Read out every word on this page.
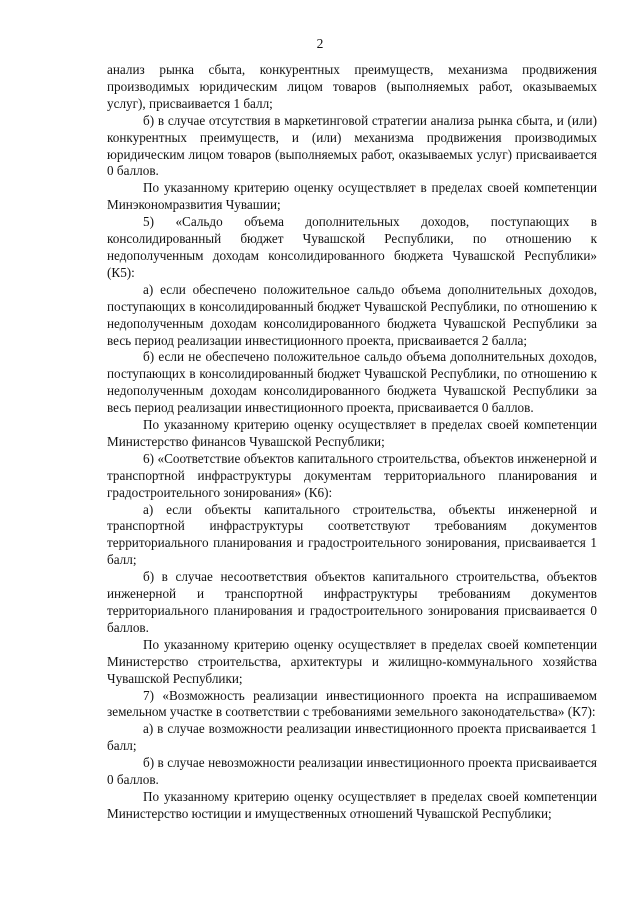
2

анализ рынка сбыта, конкурентных преимуществ, механизма продвижения производимых юридическим лицом товаров (выполняемых работ, оказываемых услуг), присваивается 1 балл;

б) в случае отсутствия в маркетинговой стратегии анализа рынка сбыта, и (или) конкурентных преимуществ, и (или) механизма продвижения производимых юридическим лицом товаров (выполняемых работ, оказываемых услуг) присваивается 0 баллов.

По указанному критерию оценку осуществляет в пределах своей компетенции Минэкономразвития Чувашии;

5) «Сальдо объема дополнительных доходов, поступающих в консолидированный бюджет Чувашской Республики, по отношению к недополученным доходам консолидированного бюджета Чувашской Республики» (К5):

а) если обеспечено положительное сальдо объема дополнительных доходов, поступающих в консолидированный бюджет Чувашской Республики, по отношению к недополученным доходам консолидированного бюджета Чувашской Республики за весь период реализации инвестиционного проекта, присваивается 2 балла;

б) если не обеспечено положительное сальдо объема дополнительных доходов, поступающих в консолидированный бюджет Чувашской Республики, по отношению к недополученным доходам консолидированного бюджета Чувашской Республики за весь период реализации инвестиционного проекта, присваивается 0 баллов.

По указанному критерию оценку осуществляет в пределах своей компетенции Министерство финансов Чувашской Республики;

6) «Соответствие объектов капитального строительства, объектов инженерной и транспортной инфраструктуры документам территориального планирования и градостроительного зонирования» (К6):

а) если объекты капитального строительства, объекты инженерной и транспортной инфраструктуры соответствуют требованиям документов территориального планирования и градостроительного зонирования, присваивается 1 балл;

б) в случае несоответствия объектов капитального строительства, объектов инженерной и транспортной инфраструктуры требованиям документов территориального планирования и градостроительного зонирования присваивается 0 баллов.

По указанному критерию оценку осуществляет в пределах своей компетенции Министерство строительства, архитектуры и жилищно-коммунального хозяйства Чувашской Республики;

7) «Возможность реализации инвестиционного проекта на испрашиваемом земельном участке в соответствии с требованиями земельного законодательства» (К7):

а) в случае возможности реализации инвестиционного проекта присваивается 1 балл;

б) в случае невозможности реализации инвестиционного проекта присваивается 0 баллов.

По указанному критерию оценку осуществляет в пределах своей компетенции Министерство юстиции и имущественных отношений Чувашской Республики;
